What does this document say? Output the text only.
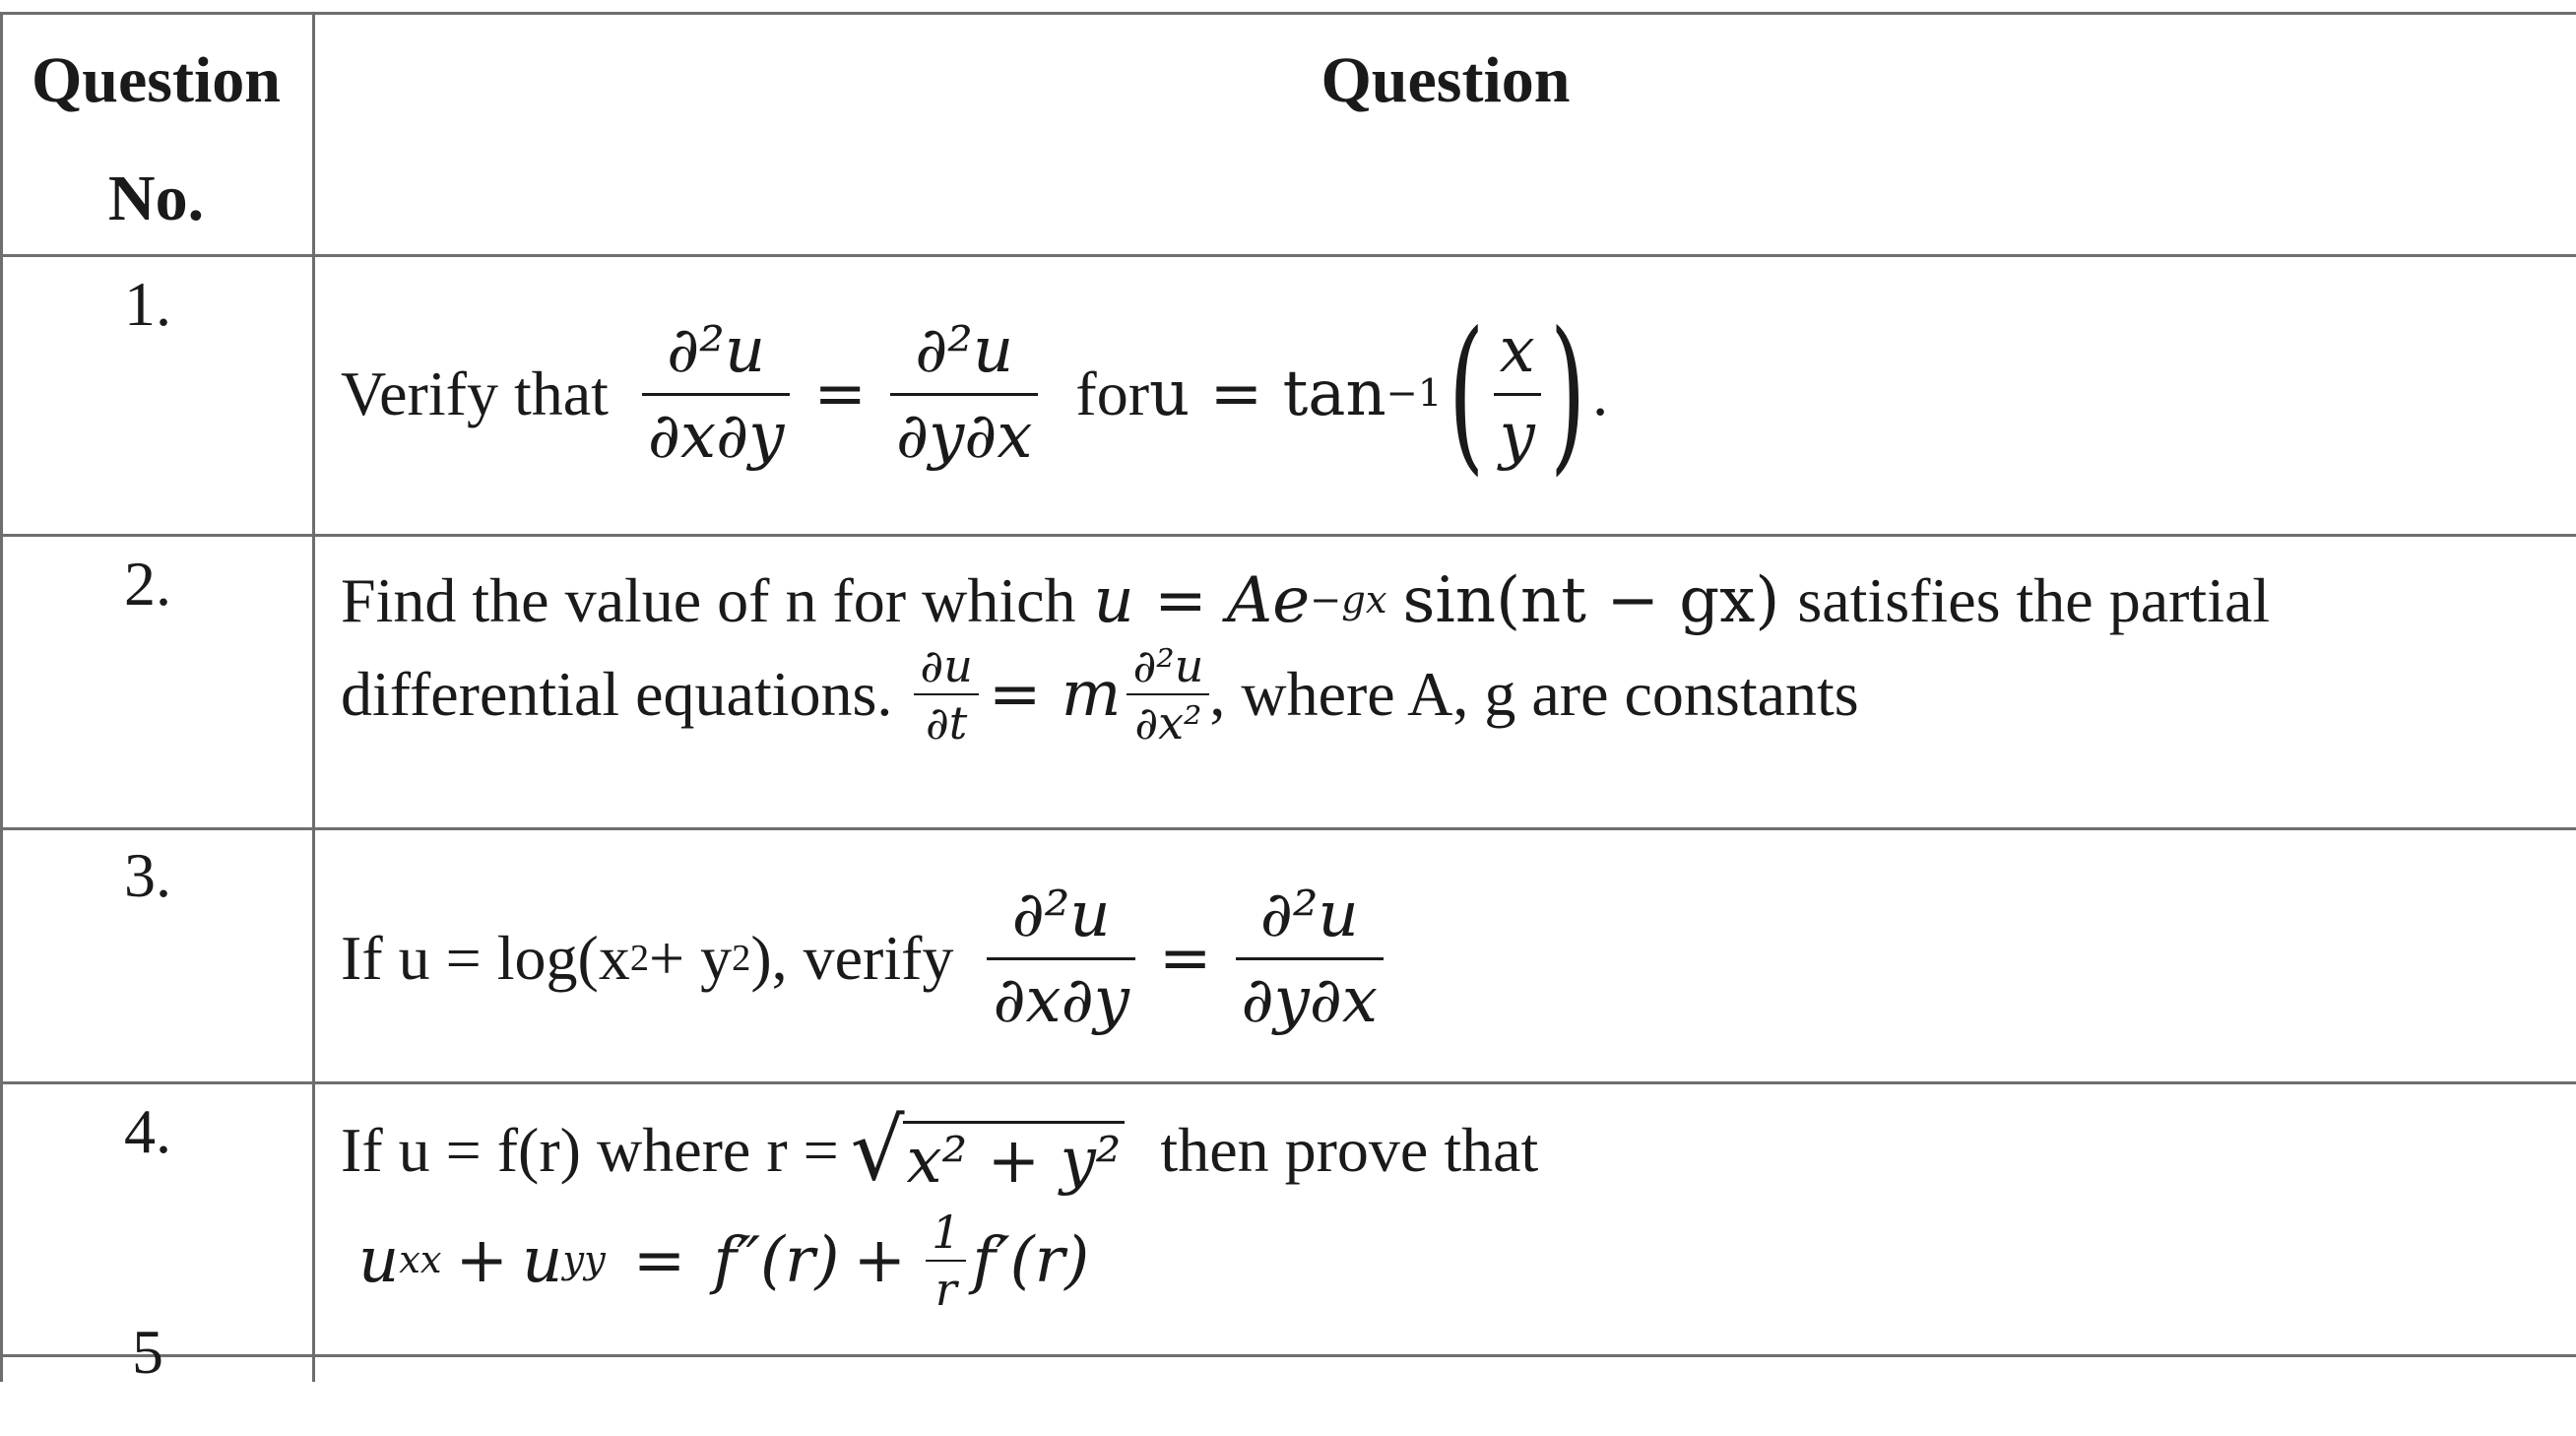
Question
No.
Question
1.
2.
3.
4.
5
Verify that $\frac{\text{∂²u}}{\partial x\partial y} = \frac{\text{∂²u}}{\partial y\partial x}$ for u = tan −1 ( $\frac{x}{y}$ ) .
Find the value of n for which u = Ae −gx sin(nt − gx) satisfies the partial
differential equations. $\frac{\partial u}{\partial t} = m \frac{\text{∂²u}}{\text{∂x²}}$ , where A, g are constants
If u = log(x 2 + y 2 ), verify $\frac{\text{∂²u}}{\partial x\partial y} = \frac{\text{∂²u}}{\partial y\partial x}$
If u = f(r) where r = √ x² + y² then prove that
u xx + u yy = $f''(r) + \frac{1}{r} f'(r)$
